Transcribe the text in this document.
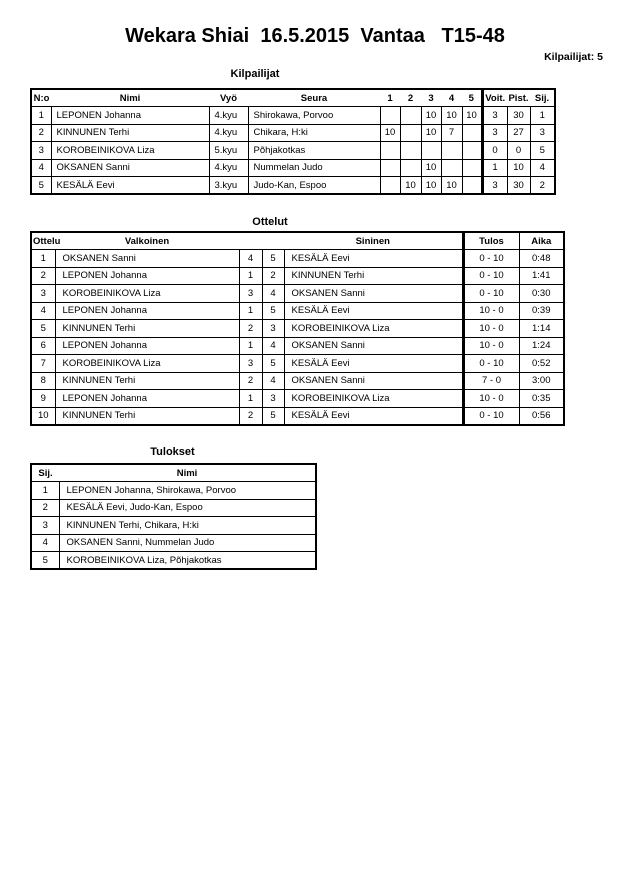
Wekara Shiai  16.5.2015  Vantaa   T15-48
Kilpailijat: 5
Kilpailijat
N:o	Nimi	Vyö	Seura	1	2	3	4	5	Voit.	Pist.	Sij.
1	LEPONEN Johanna	4.kyu	Shirokawa, Porvoo			10	10	10	3	30	1
2	KINNUNEN Terhi	4.kyu	Chikara, H:ki	10		10	7		3	27	3
3	KOROBEINIKOVA Liza	5.kyu	Põhjakotkas						0	0	5
4	OKSANEN Sanni	4.kyu	Nummelan Judo			10			1	10	4
5	KESÄLÄ Eevi	3.kyu	Judo-Kan, Espoo		10	10	10		3	30	2
Ottelut
Ottelu	Valkoinen			Sininen	Tulos	Aika
1	OKSANEN Sanni	4	5	KESÄLÄ Eevi	0 - 10	0:48
2	LEPONEN Johanna	1	2	KINNUNEN Terhi	0 - 10	1:41
3	KOROBEINIKOVA Liza	3	4	OKSANEN Sanni	0 - 10	0:30
4	LEPONEN Johanna	1	5	KESÄLÄ Eevi	10 - 0	0:39
5	KINNUNEN Terhi	2	3	KOROBEINIKOVA Liza	10 - 0	1:14
6	LEPONEN Johanna	1	4	OKSANEN Sanni	10 - 0	1:24
7	KOROBEINIKOVA Liza	3	5	KESÄLÄ Eevi	0 - 10	0:52
8	KINNUNEN Terhi	2	4	OKSANEN Sanni	7 - 0	3:00
9	LEPONEN Johanna	1	3	KOROBEINIKOVA Liza	10 - 0	0:35
10	KINNUNEN Terhi	2	5	KESÄLÄ Eevi	0 - 10	0:56
Tulokset
Sij.	Nimi
1	LEPONEN Johanna, Shirokawa, Porvoo
2	KESÄLÄ Eevi, Judo-Kan, Espoo
3	KINNUNEN Terhi, Chikara, H:ki
4	OKSANEN Sanni, Nummelan Judo
5	KOROBEINIKOVA Liza, Põhjakotkas
